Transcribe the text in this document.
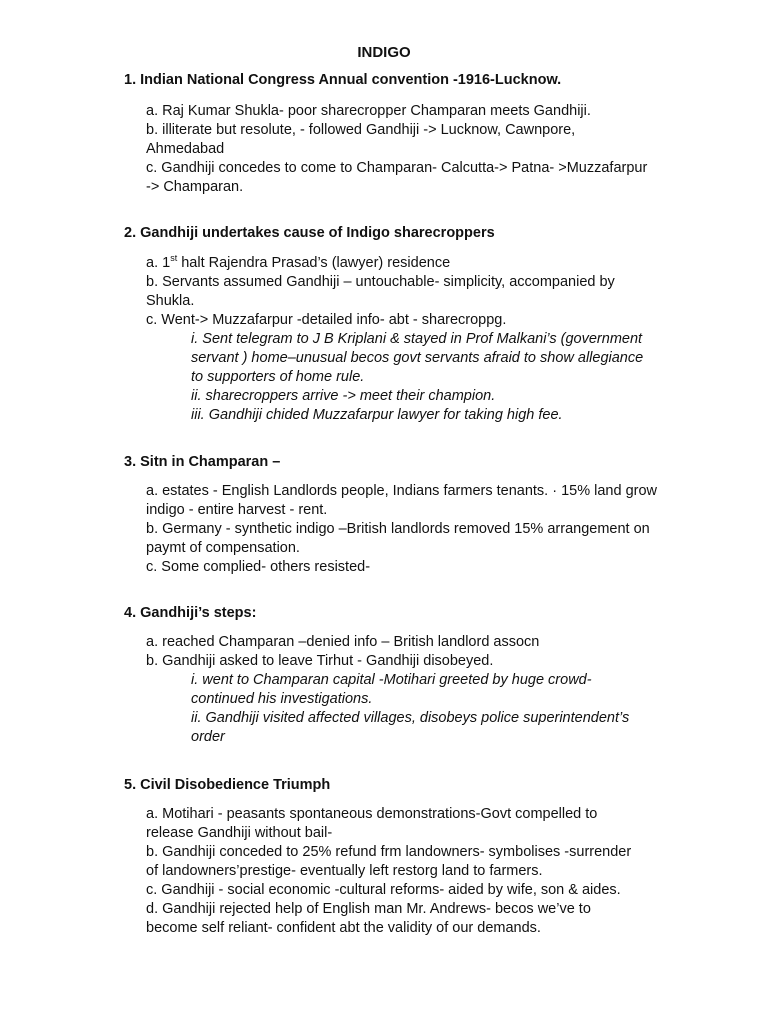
INDIGO
1. Indian National Congress Annual convention -1916-Lucknow.
a. Raj Kumar Shukla- poor sharecropper Champaran meets Gandhiji.
b. illiterate but resolute, - followed Gandhiji -> Lucknow, Cawnpore,
Ahmedabad
c. Gandhiji concedes to come to Champaran- Calcutta-> Patna- >Muzzafarpur
-> Champaran.
2. Gandhiji undertakes cause of Indigo sharecroppers
a. 1st halt Rajendra Prasad’s (lawyer) residence
b. Servants assumed Gandhiji – untouchable- simplicity, accompanied by
Shukla.
c. Went-> Muzzafarpur -detailed info- abt - sharecroppg.
i. Sent telegram to J B Kriplani & stayed in Prof Malkani’s (government
servant ) home–unusual becos govt servants afraid to show allegiance
to supporters of home rule.
ii. sharecroppers arrive -> meet their champion.
iii. Gandhiji chided Muzzafarpur lawyer for taking high fee.
3. Sitn in Champaran –
a. estates - English Landlords people, Indians farmers tenants. · 15% land grow
indigo - entire harvest - rent.
b. Germany - synthetic indigo –British landlords removed 15% arrangement on
paymt of compensation.
c. Some complied- others resisted-
4. Gandhiji’s steps:
a. reached Champaran –denied info – British landlord assocn
b. Gandhiji asked to leave Tirhut - Gandhiji disobeyed.
i. went to Champaran capital -Motihari greeted by huge crowd-
continued his investigations.
ii. Gandhiji visited affected villages, disobeys police superintendent’s
order
5. Civil Disobedience Triumph
a. Motihari - peasants spontaneous demonstrations-Govt compelled to
release Gandhiji without bail-
b. Gandhiji conceded to 25% refund frm landowners- symbolises -surrender
of landowners’prestige- eventually left restorg land to farmers.
c. Gandhiji - social economic -cultural reforms- aided by wife, son & aides.
d. Gandhiji rejected help of English man Mr. Andrews- becos we’ve to
become self reliant- confident abt the validity of our demands.
